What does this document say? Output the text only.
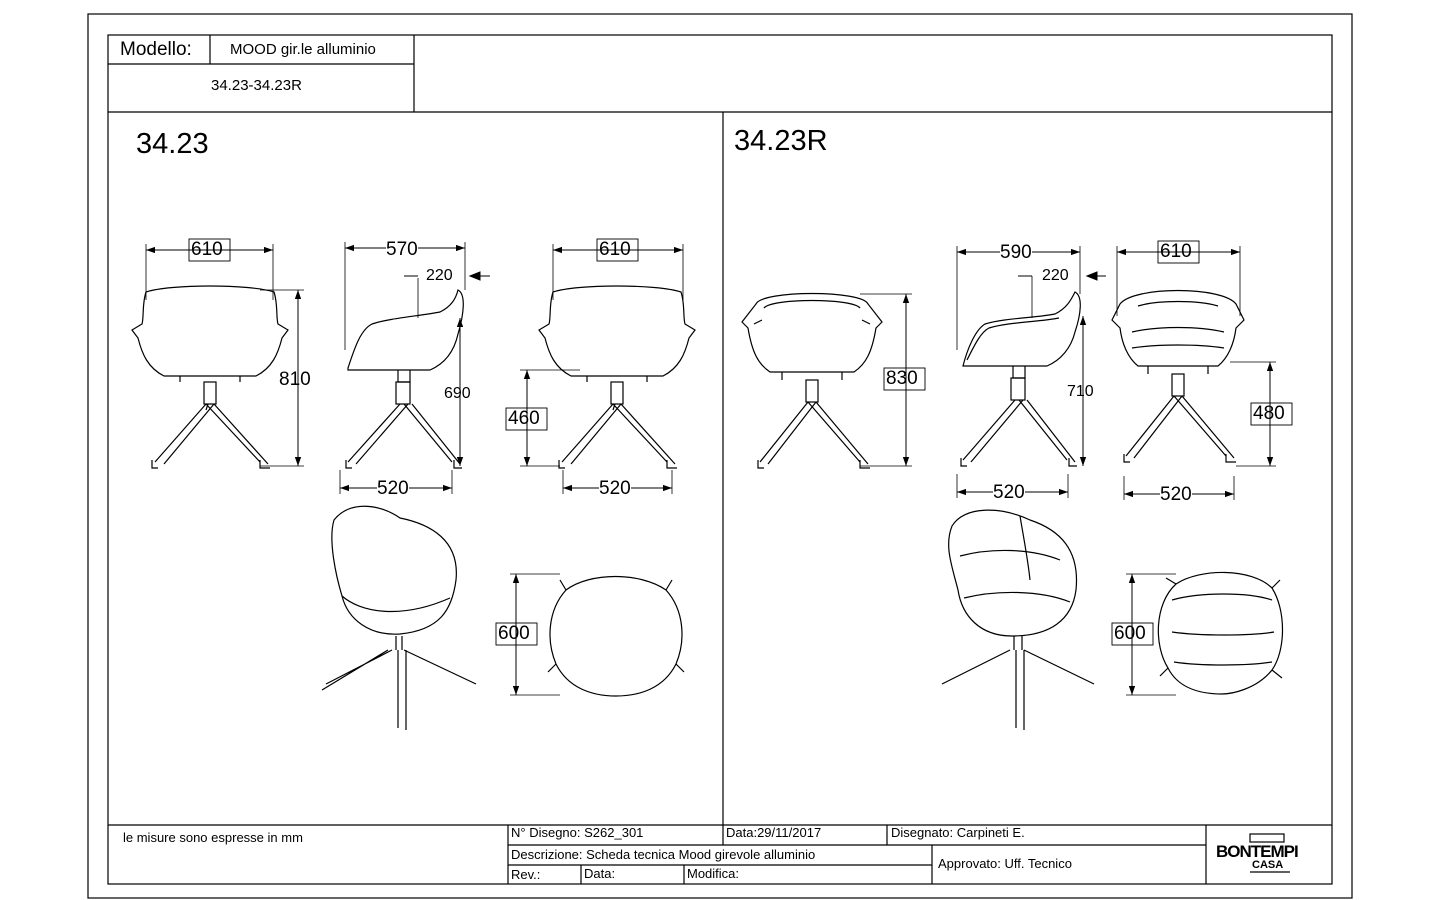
Modello:	MOOD gir.le alluminio
34.23-34.23R
34.23	34.23R
610
810
570
220
690
520
610
460
520
600
830
590
220
710
520
610
480
520
600
le misure sono espresse in mm	N° Disegno: S262_301	Data:29/11/2017	Disegnato: Carpineti E.
Descrizione: Scheda tecnica Mood girevole alluminio
Approvato: Uff. Tecnico
Rev.:	Data:	Modifica:
BONTEMPI
CASA
